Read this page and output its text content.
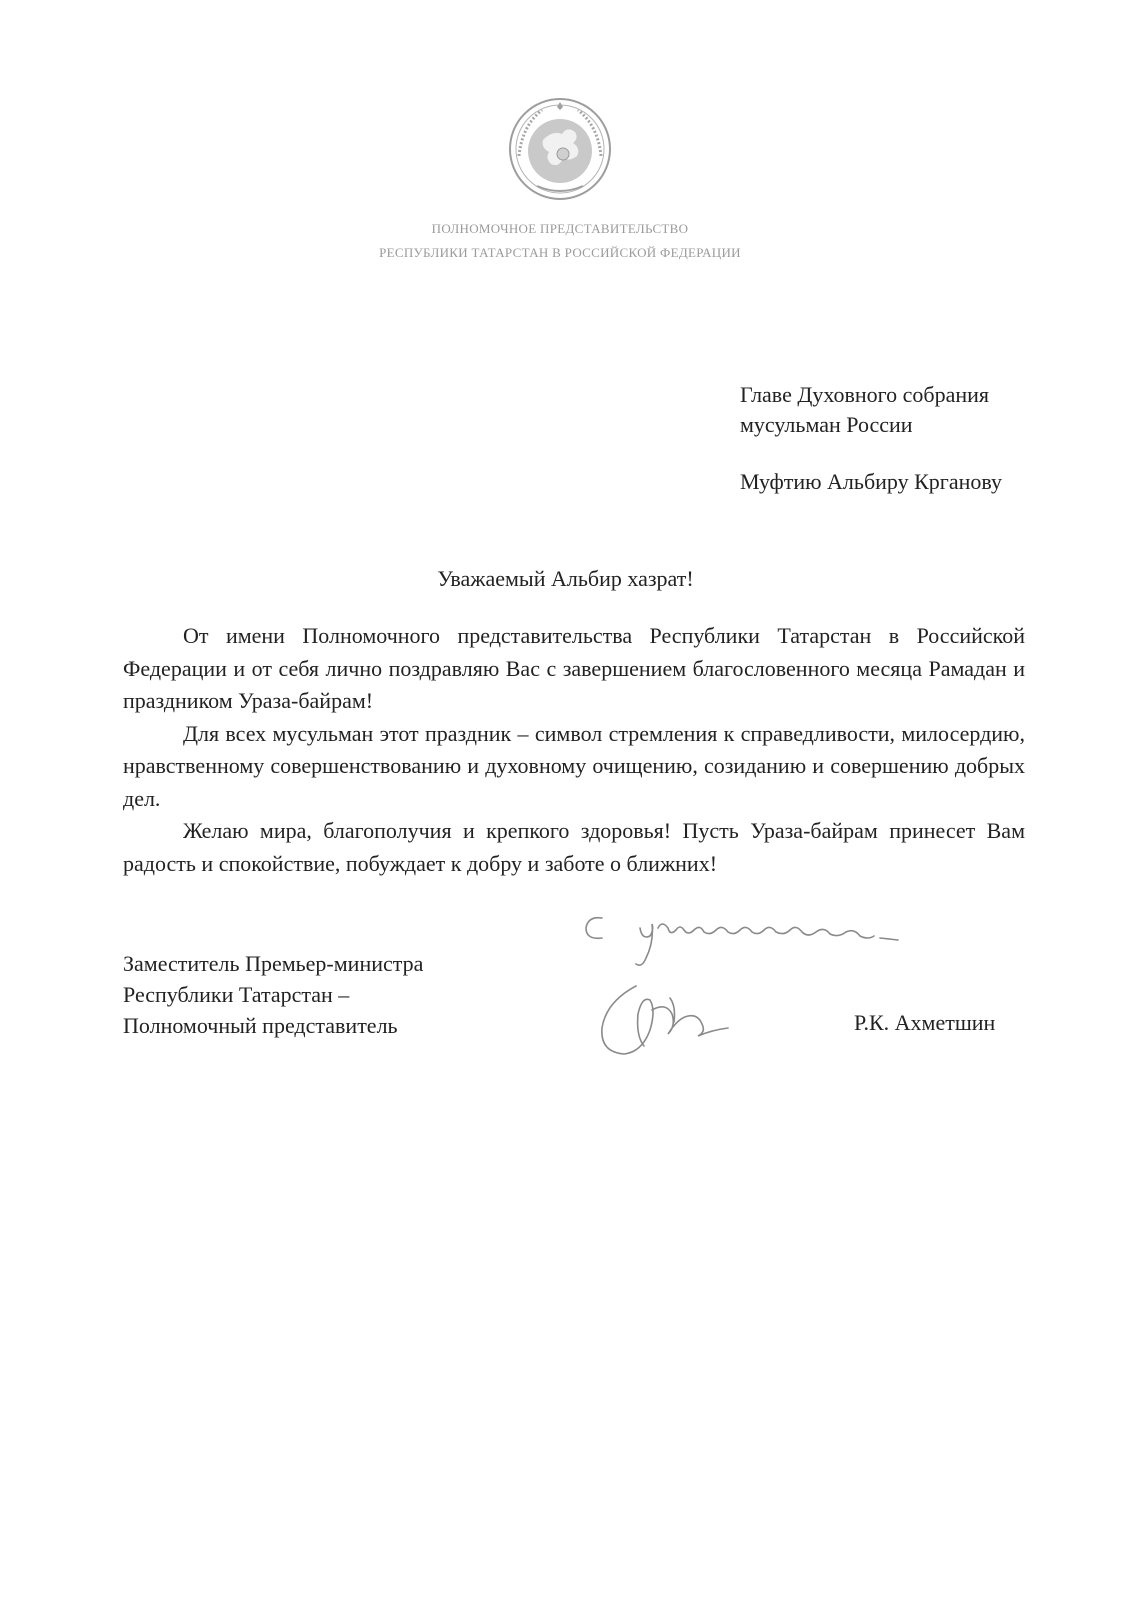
ПОЛНОМОЧНОЕ ПРЕДСТАВИТЕЛЬСТВО
РЕСПУБЛИКИ ТАТАРСТАН В РОССИЙСКОЙ ФЕДЕРАЦИИ
Главе Духовного собрания
мусульман России
Муфтию Альбиру Крганову
Уважаемый Альбир хазрат!

От имени Полномочного представительства Республики Татарстан в Российской Федерации и от себя лично поздравляю Вас с завершением благословенного месяца Рамадан и праздником Ураза-байрам!

Для всех мусульман этот праздник – символ стремления к справедливости, милосердию, нравственному совершенствованию и духовному очищению, созиданию и совершению добрых дел.

Желаю мира, благополучия и крепкого здоровья! Пусть Ураза-байрам принесет Вам радость и спокойствие, побуждает к добру и заботе о ближних!

Заместитель Премьер-министра
Республики Татарстан –
Полномочный представитель	Р.К. Ахметшин
